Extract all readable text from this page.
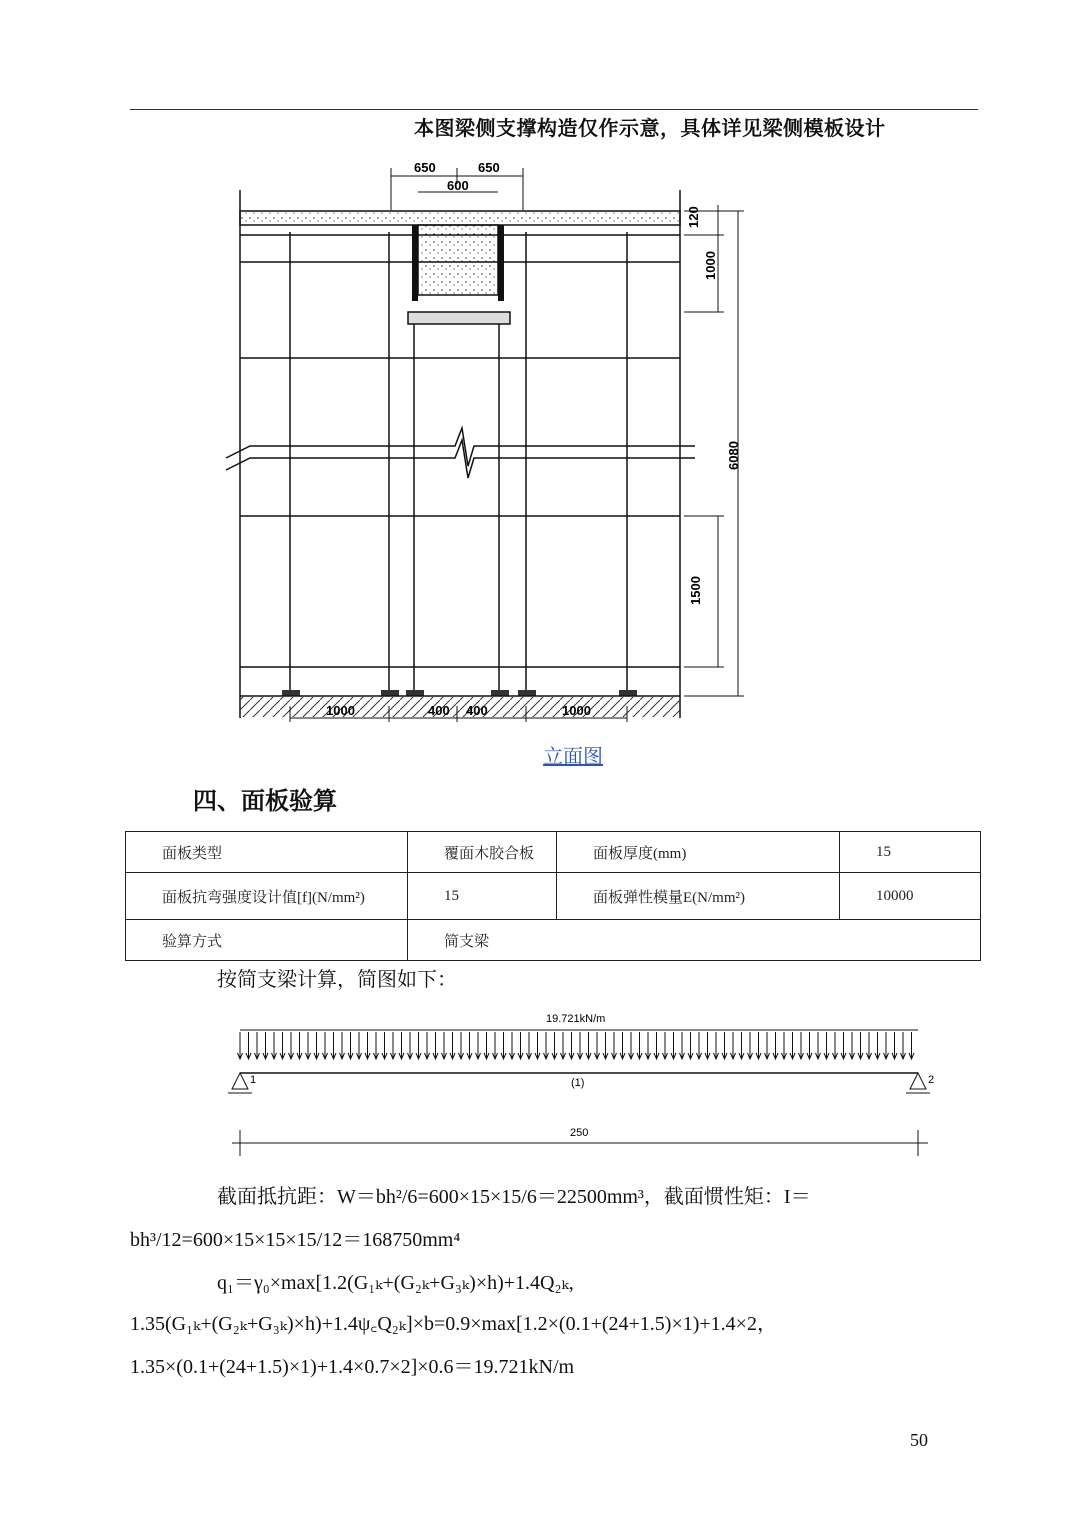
本图梁侧支撑构造仅作示意，具体详见梁侧模板设计
650	650
600
120
1000
6080
1500
1000	400 400	1000
立面图
四、面板验算
面板类型	覆面木胶合板	面板厚度(mm)	15
面板抗弯强度设计值[f](N/mm²)	15	面板弹性模量E(N/mm²)	10000
验算方式	简支梁		
按简支梁计算，简图如下：
19.721kN/m
1	2
(1)
250
截面抵抗距：W＝bh²/6=600×15×15/6＝22500mm³，截面惯性矩：I＝
bh³/12=600×15×15×15/12＝168750mm⁴
q₁＝γ₀×max[1.2(G₁ₖ+(G₂ₖ+G₃ₖ)×h)+1.4Q₂ₖ,
1.35(G₁ₖ+(G₂ₖ+G₃ₖ)×h)+1.4ψ꜀Q₂ₖ]×b=0.9×max[1.2×(0.1+(24+1.5)×1)+1.4×2，
1.35×(0.1+(24+1.5)×1)+1.4×0.7×2]×0.6＝19.721kN/m
50
